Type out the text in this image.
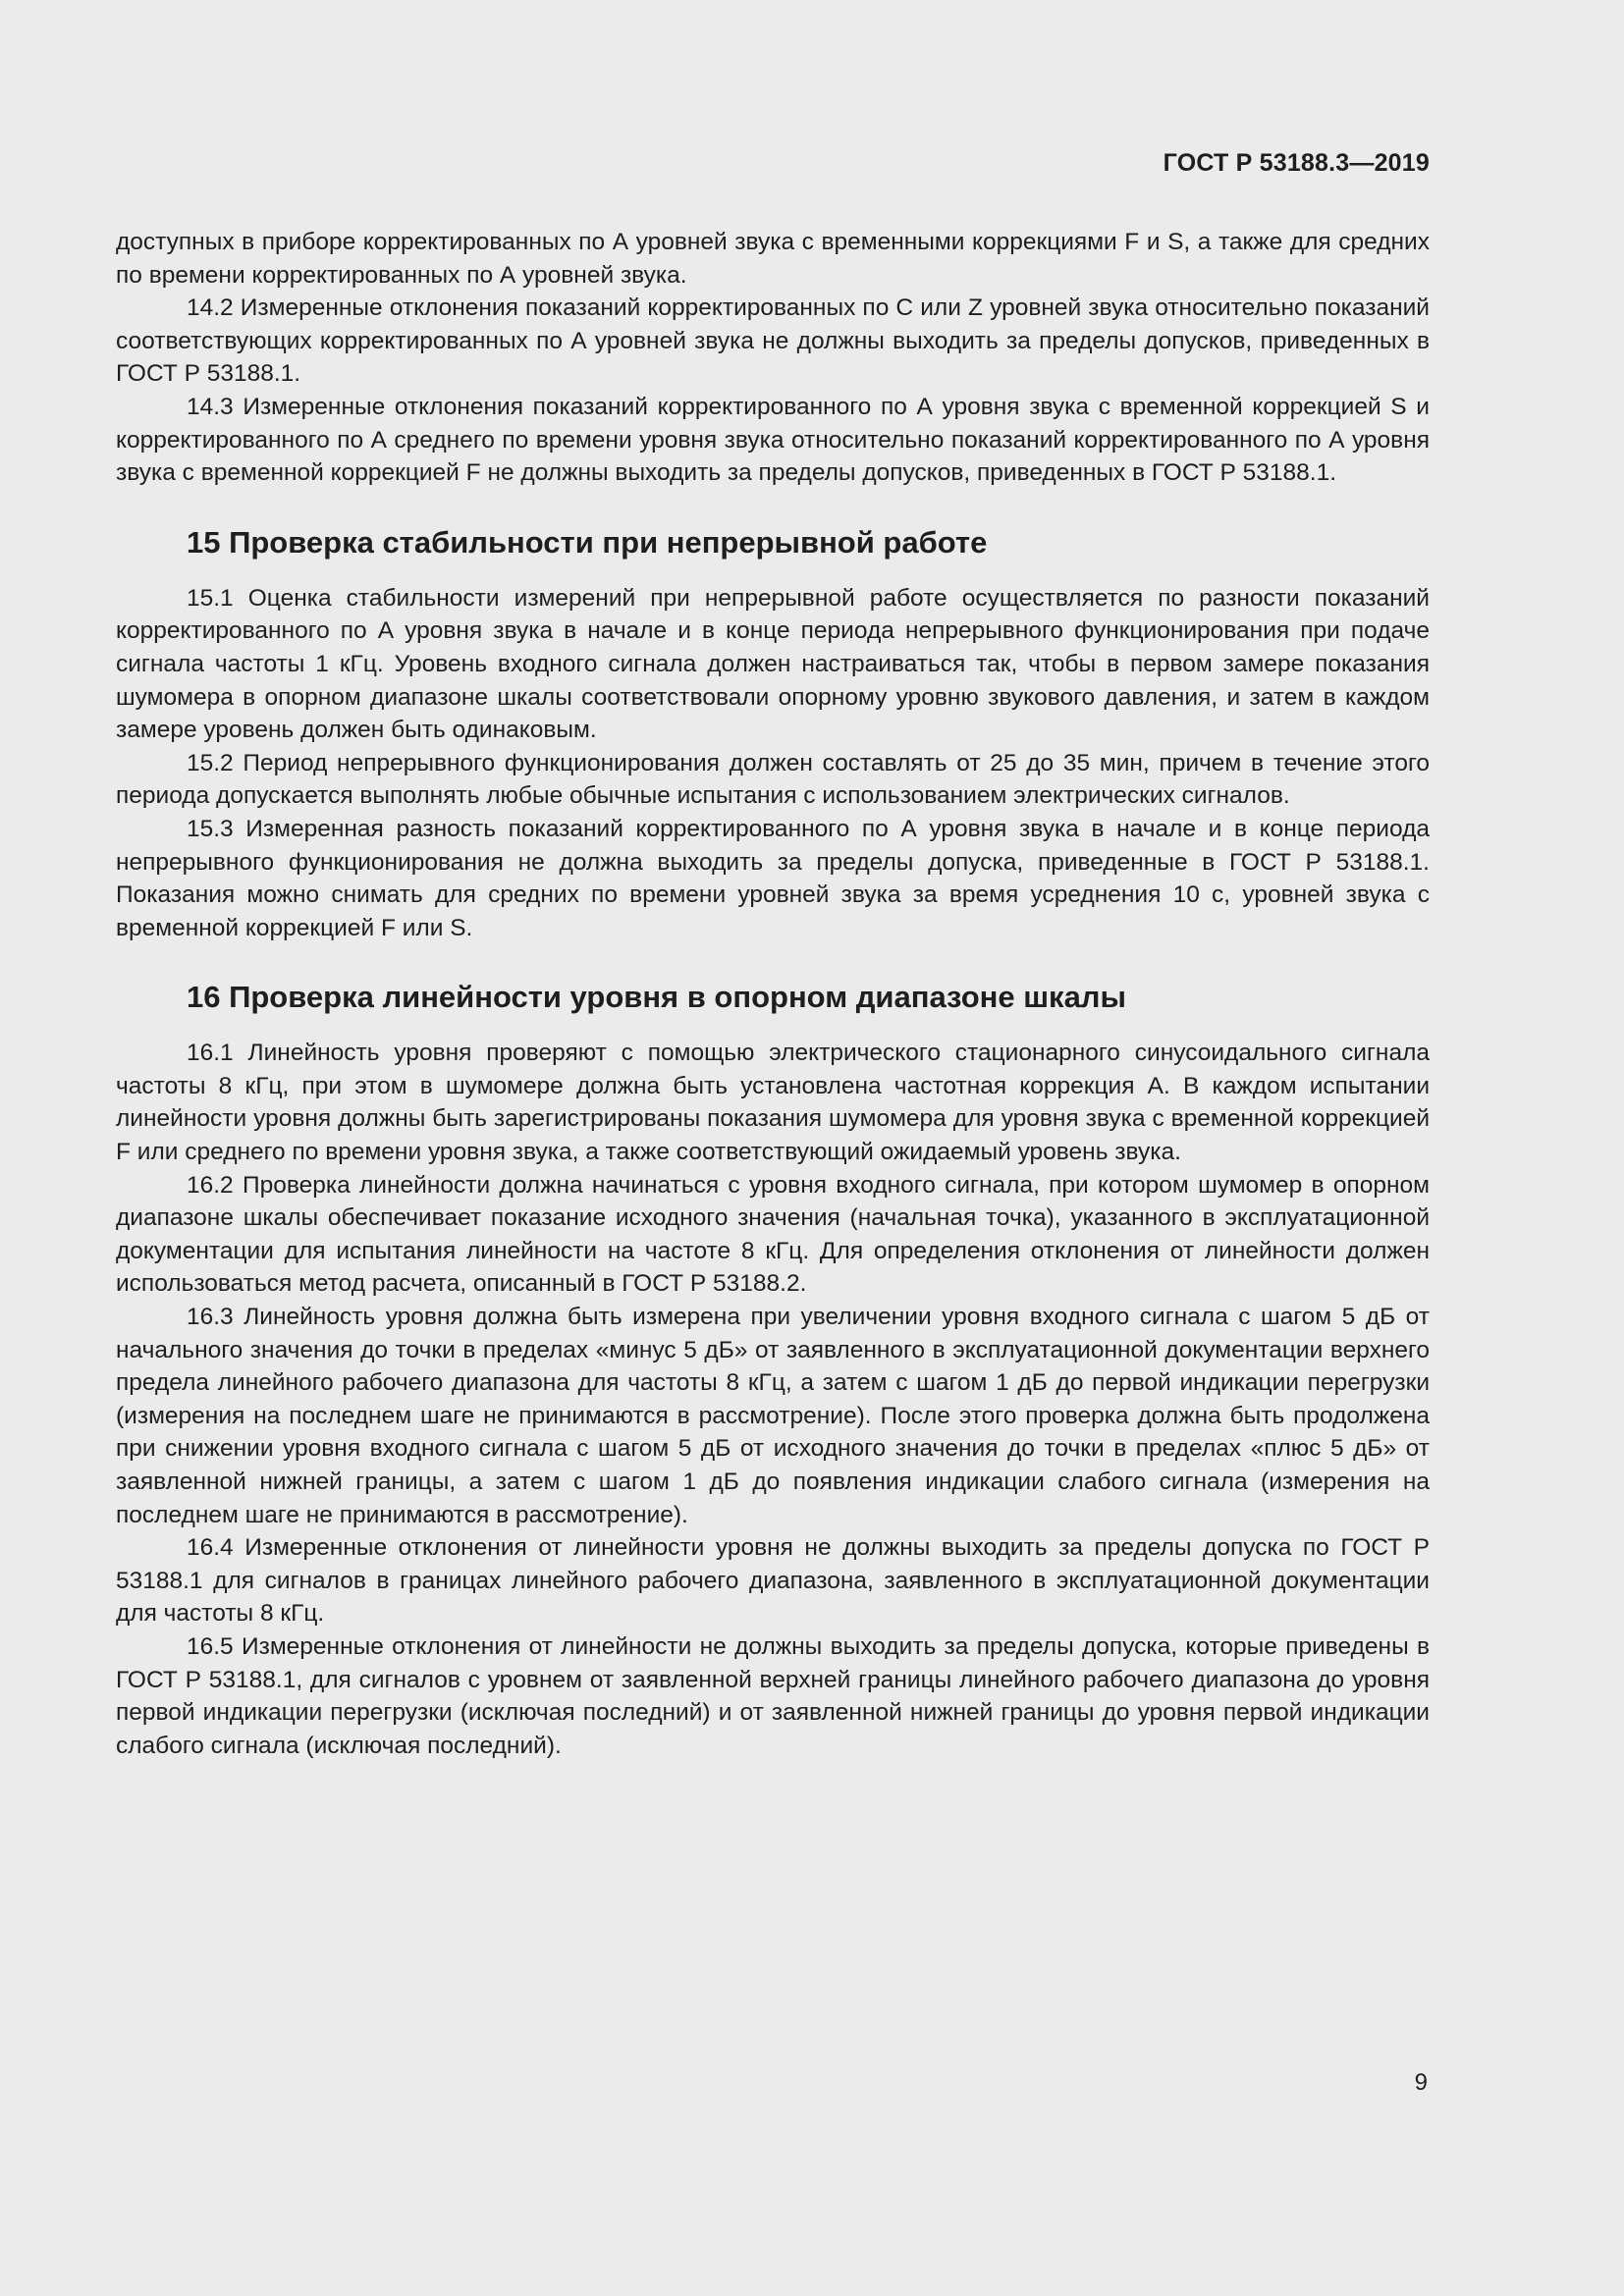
ГОСТ Р 53188.3—2019

доступных в приборе корректированных по А уровней звука с временными коррекциями F и S, а также для средних по времени корректированных по А уровней звука.

14.2 Измеренные отклонения показаний корректированных по С или Z уровней звука относительно показаний соответствующих корректированных по А уровней звука не должны выходить за пределы допусков, приведенных в ГОСТ Р 53188.1.

14.3 Измеренные отклонения показаний корректированного по А уровня звука с временной коррекцией S и корректированного по А среднего по времени уровня звука относительно показаний корректированного по А уровня звука с временной коррекцией F не должны выходить за пределы допусков, приведенных в ГОСТ Р 53188.1.

15 Проверка стабильности при непрерывной работе

15.1 Оценка стабильности измерений при непрерывной работе осуществляется по разности показаний корректированного по А уровня звука в начале и в конце периода непрерывного функционирования при подаче сигнала частоты 1 кГц. Уровень входного сигнала должен настраиваться так, чтобы в первом замере показания шумомера в опорном диапазоне шкалы соответствовали опорному уровню звукового давления, и затем в каждом замере уровень должен быть одинаковым.

15.2 Период непрерывного функционирования должен составлять от 25 до 35 мин, причем в течение этого периода допускается выполнять любые обычные испытания с использованием электрических сигналов.

15.3 Измеренная разность показаний корректированного по А уровня звука в начале и в конце периода непрерывного функционирования не должна выходить за пределы допуска, приведенные в ГОСТ Р 53188.1. Показания можно снимать для средних по времени уровней звука за время усреднения 10 с, уровней звука с временной коррекцией F или S.

16 Проверка линейности уровня в опорном диапазоне шкалы

16.1 Линейность уровня проверяют с помощью электрического стационарного синусоидального сигнала частоты 8 кГц, при этом в шумомере должна быть установлена частотная коррекция А. В каждом испытании линейности уровня должны быть зарегистрированы показания шумомера для уровня звука с временной коррекцией F или среднего по времени уровня звука, а также соответствующий ожидаемый уровень звука.

16.2 Проверка линейности должна начинаться с уровня входного сигнала, при котором шумомер в опорном диапазоне шкалы обеспечивает показание исходного значения (начальная точка), указанного в эксплуатационной документации для испытания линейности на частоте 8 кГц. Для определения отклонения от линейности должен использоваться метод расчета, описанный в ГОСТ Р 53188.2.

16.3 Линейность уровня должна быть измерена при увеличении уровня входного сигнала с шагом 5 дБ от начального значения до точки в пределах «минус 5 дБ» от заявленного в эксплуатационной документации верхнего предела линейного рабочего диапазона для частоты 8 кГц, а затем с шагом 1 дБ до первой индикации перегрузки (измерения на последнем шаге не принимаются в рассмотрение). После этого проверка должна быть продолжена при снижении уровня входного сигнала с шагом 5 дБ от исходного значения до точки в пределах «плюс 5 дБ» от заявленной нижней границы, а затем с шагом 1 дБ до появления индикации слабого сигнала (измерения на последнем шаге не принимаются в рассмотрение).

16.4 Измеренные отклонения от линейности уровня не должны выходить за пределы допуска по ГОСТ Р 53188.1 для сигналов в границах линейного рабочего диапазона, заявленного в эксплуатационной документации для частоты 8 кГц.

16.5 Измеренные отклонения от линейности не должны выходить за пределы допуска, которые приведены в ГОСТ Р 53188.1, для сигналов с уровнем от заявленной верхней границы линейного рабочего диапазона до уровня первой индикации перегрузки (исключая последний) и от заявленной нижней границы до уровня первой индикации слабого сигнала (исключая последний).

9
